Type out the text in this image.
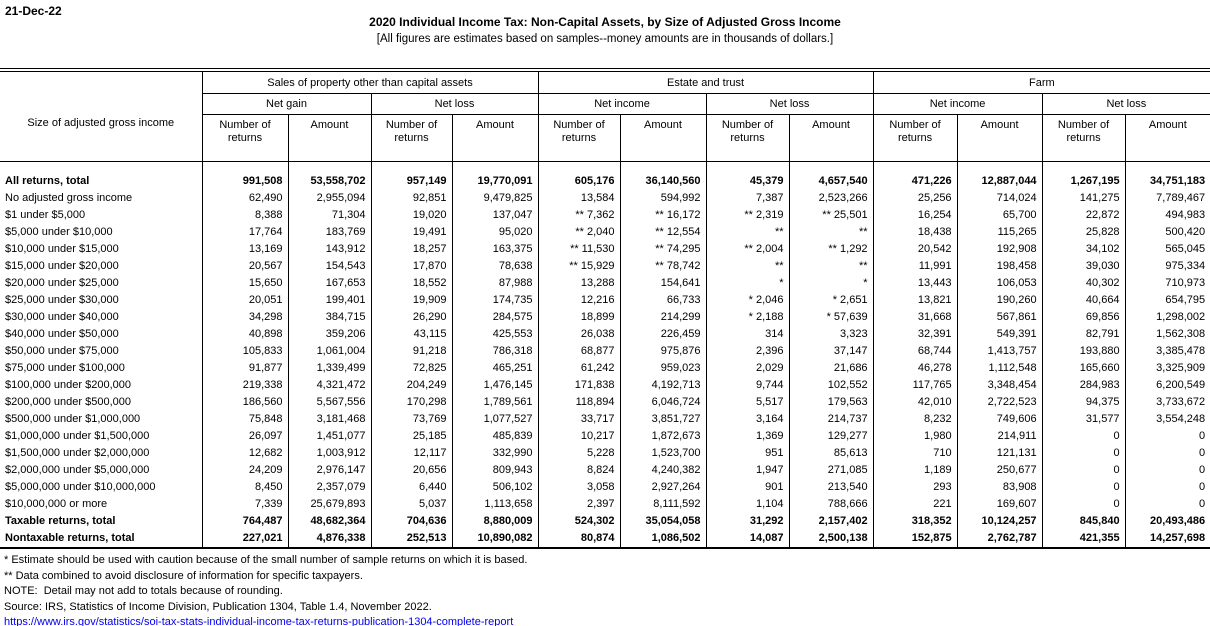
21-Dec-22
2020 Individual Income Tax: Non-Capital Assets, by Size of Adjusted Gross Income
[All figures are estimates based on samples--money amounts are in thousands of dollars.]
Size of adjusted gross income	Sales of property other than capital assets				Estate and trust				Farm			
	Net gain		Net loss		Net income		Net loss		Net income		Net loss	
	Number of returns	Amount	Number of returns	Amount	Number of returns	Amount	Number of returns	Amount	Number of returns	Amount	Number of returns	Amount

All returns, total	991,508	53,558,702	957,149	19,770,091	605,176	36,140,560	45,379	4,657,540	471,226	12,887,044	1,267,195	34,751,183
No adjusted gross income	62,490	2,955,094	92,851	9,479,825	13,584	594,992	7,387	2,523,266	25,256	714,024	141,275	7,789,467
$1 under $5,000	8,388	71,304	19,020	137,047	** 7,362	** 16,172	** 2,319	** 25,501	16,254	65,700	22,872	494,983
$5,000 under $10,000	17,764	183,769	19,491	95,020	** 2,040	** 12,554	**	**	18,438	115,265	25,828	500,420
$10,000 under $15,000	13,169	143,912	18,257	163,375	** 11,530	** 74,295	** 2,004	** 1,292	20,542	192,908	34,102	565,045
$15,000 under $20,000	20,567	154,543	17,870	78,638	** 15,929	** 78,742	**	**	11,991	198,458	39,030	975,334
$20,000 under $25,000	15,650	167,653	18,552	87,988	13,288	154,641	*	*	13,443	106,053	40,302	710,973
$25,000 under $30,000	20,051	199,401	19,909	174,735	12,216	66,733	* 2,046	* 2,651	13,821	190,260	40,664	654,795
$30,000 under $40,000	34,298	384,715	26,290	284,575	18,899	214,299	* 2,188	* 57,639	31,668	567,861	69,856	1,298,002
$40,000 under $50,000	40,898	359,206	43,115	425,553	26,038	226,459	314	3,323	32,391	549,391	82,791	1,562,308
$50,000 under $75,000	105,833	1,061,004	91,218	786,318	68,877	975,876	2,396	37,147	68,744	1,413,757	193,880	3,385,478
$75,000 under $100,000	91,877	1,339,499	72,825	465,251	61,242	959,023	2,029	21,686	46,278	1,112,548	165,660	3,325,909
$100,000 under $200,000	219,338	4,321,472	204,249	1,476,145	171,838	4,192,713	9,744	102,552	117,765	3,348,454	284,983	6,200,549
$200,000 under $500,000	186,560	5,567,556	170,298	1,789,561	118,894	6,046,724	5,517	179,563	42,010	2,722,523	94,375	3,733,672
$500,000 under $1,000,000	75,848	3,181,468	73,769	1,077,527	33,717	3,851,727	3,164	214,737	8,232	749,606	31,577	3,554,248
$1,000,000 under $1,500,000	26,097	1,451,077	25,185	485,839	10,217	1,872,673	1,369	129,277	1,980	214,911	0	0
$1,500,000 under $2,000,000	12,682	1,003,912	12,117	332,990	5,228	1,523,700	951	85,613	710	121,131	0	0
$2,000,000 under $5,000,000	24,209	2,976,147	20,656	809,943	8,824	4,240,382	1,947	271,085	1,189	250,677	0	0
$5,000,000 under $10,000,000	8,450	2,357,079	6,440	506,102	3,058	2,927,264	901	213,540	293	83,908	0	0
$10,000,000 or more	7,339	25,679,893	5,037	1,113,658	2,397	8,111,592	1,104	788,666	221	169,607	0	0
Taxable returns, total	764,487	48,682,364	704,636	8,880,009	524,302	35,054,058	31,292	2,157,402	318,352	10,124,257	845,840	20,493,486
Nontaxable returns, total	227,021	4,876,338	252,513	10,890,082	80,874	1,086,502	14,087	2,500,138	152,875	2,762,787	421,355	14,257,698
* Estimate should be used with caution because of the small number of sample returns on which it is based.
** Data combined to avoid disclosure of information for specific taxpayers.
NOTE:  Detail may not add to totals because of rounding.
Source: IRS, Statistics of Income Division, Publication 1304, Table 1.4, November 2022.
https://www.irs.gov/statistics/soi-tax-stats-individual-income-tax-returns-publication-1304-complete-report
